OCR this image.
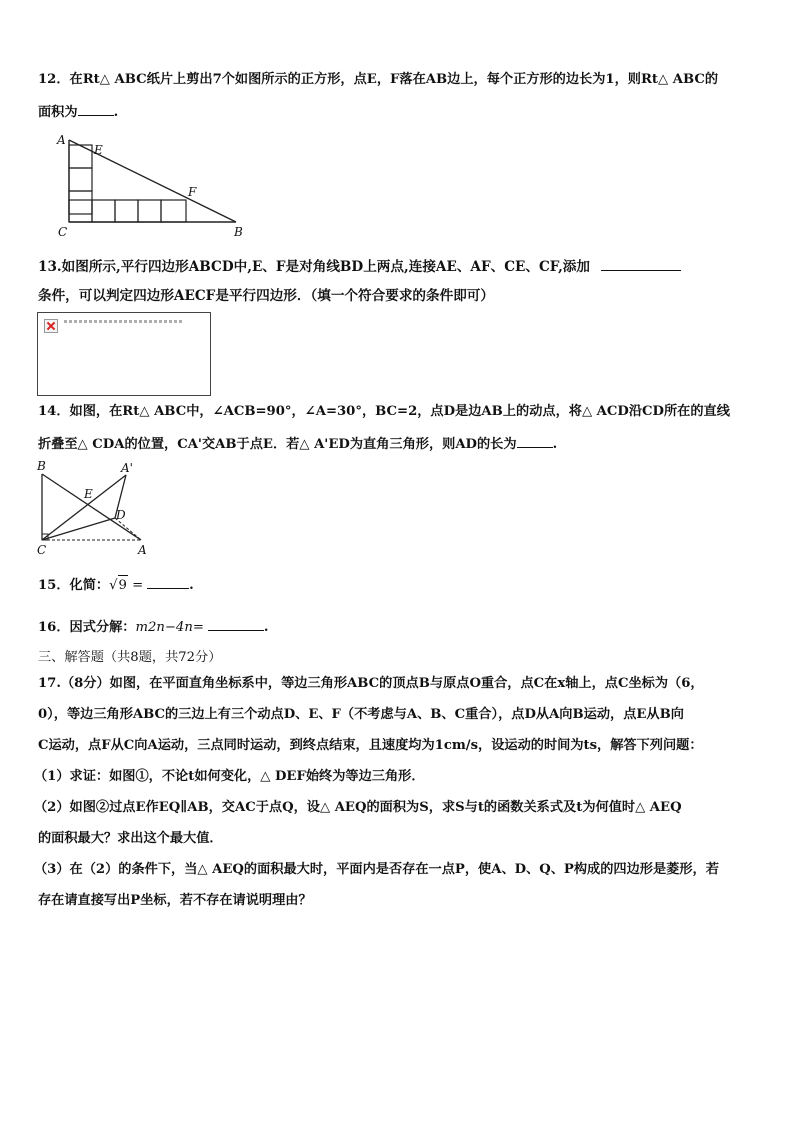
12．在Rt△ ABC纸片上剪出7个如图所示的正方形，点E，F落在AB边上，每个正方形的边长为1，则Rt△ ABC的
面积为	.
A
E
F
C	B
13.如图所示,平行四边形ABCD中,E、F是对角线BD上两点,连接AE、AF、CE、CF,添加
条件，可以判定四边形AECF是平行四边形．（填一个符合要求的条件即可）
14．如图，在Rt△ ABC中，∠ACB=90°，∠A=30°，BC=2，点D是边AB上的动点，将△ ACD沿CD所在的直线
折叠至△ CDA的位置，CA'交AB于点E．若△ A'ED为直角三角形，则AD的长为	.
B	A'
E
D
C	A
15．化简：√9 =	.
16．因式分解：m2n−4n=	.
三、解答题（共8题，共72分）
17.（8分）如图，在平面直角坐标系中，等边三角形ABC的顶点B与原点O重合，点C在x轴上，点C坐标为（6，
0），等边三角形ABC的三边上有三个动点D、E、F（不考虑与A、B、C重合），点D从A向B运动，点E从B向
C运动，点F从C向A运动，三点同时运动，到终点结束，且速度均为1cm/s，设运动的时间为ts，解答下列问题：
（1）求证：如图①，不论t如何变化，△ DEF始终为等边三角形．
（2）如图②过点E作EQ∥AB，交AC于点Q，设△ AEQ的面积为S，求S与t的函数关系式及t为何值时△ AEQ
的面积最大？求出这个最大值．
（3）在（2）的条件下，当△ AEQ的面积最大时，平面内是否存在一点P，使A、D、Q、P构成的四边形是菱形，若
存在请直接写出P坐标，若不存在请说明理由？
